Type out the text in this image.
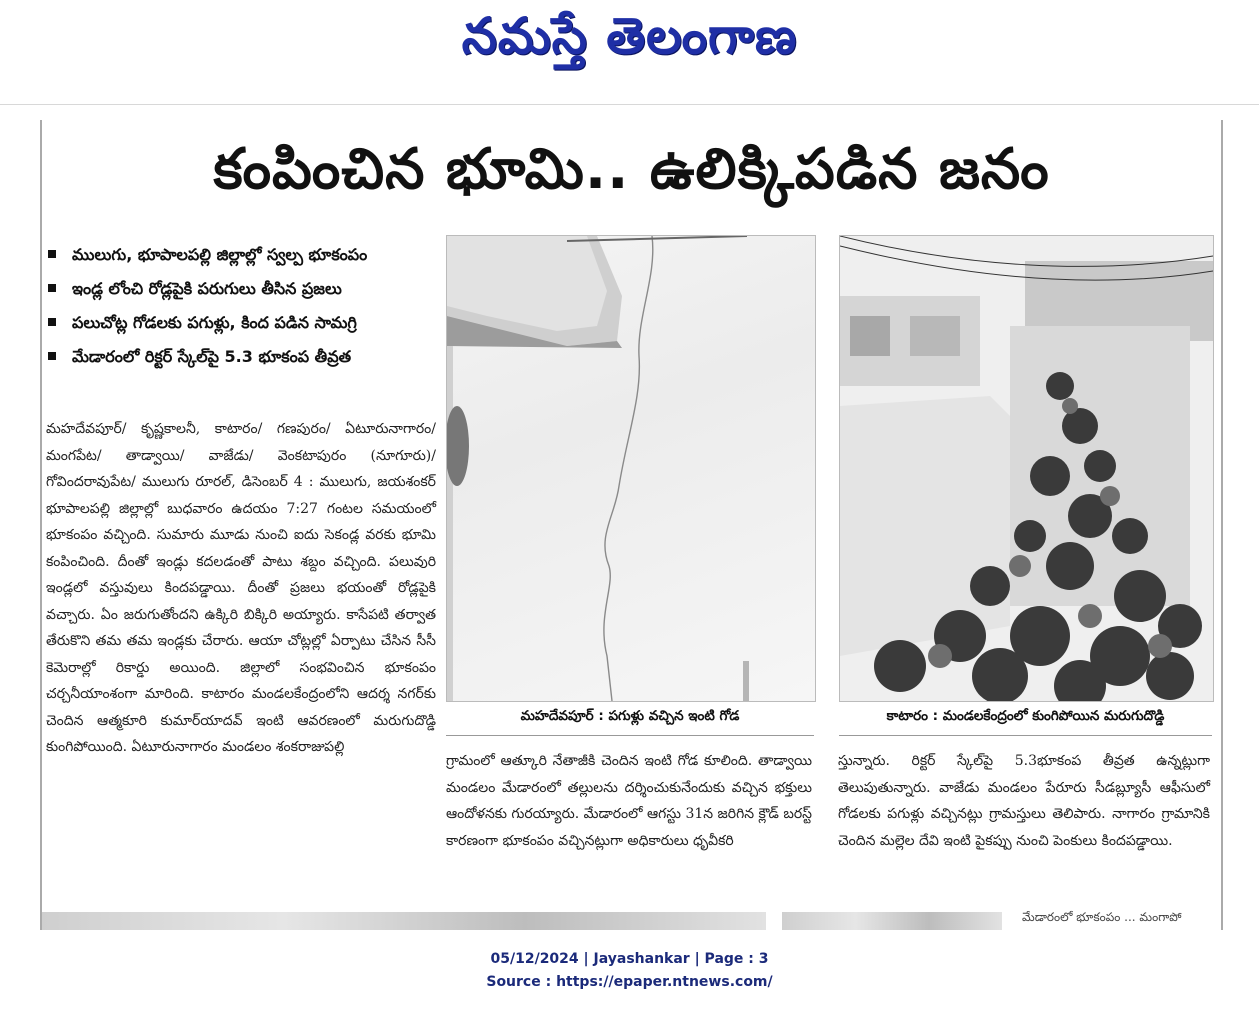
నమస్తే తెలంగాణ
కంపించిన భూమి.. ఉలిక్కిపడిన జనం
ములుగు, భూపాలపల్లి జిల్లాల్లో స్వల్ప భూకంపం
ఇండ్ల లోంచి రోడ్లపైకి పరుగులు తీసిన ప్రజలు
పలుచోట్ల గోడలకు పగుళ్లు, కింద పడిన సామగ్రి
మేడారంలో రిక్టర్ స్కేల్‌పై 5.3 భూకంప తీవ్రత
మహదేవపూర్/ కృష్ణకాలనీ, కాటారం/ గణపురం/ ఏటూరునాగారం/ మంగపేట/ తాడ్వాయి/ వాజేడు/ వెంకటాపురం (నూగూరు)/ గోవిందరావుపేట/ ములుగు రూరల్, డిసెంబర్ 4 : ములుగు, జయశంకర్ భూపాలపల్లి జిల్లాల్లో బుధవారం ఉదయం 7:27 గంటల సమయంలో భూకంపం వచ్చింది. సుమారు మూడు నుంచి ఐదు సెకండ్ల వరకు భూమి కంపించింది. దీంతో ఇండ్లు కదలడంతో పాటు శబ్దం వచ్చింది. పలువురి ఇండ్లలో వస్తువులు కిందపడ్డాయి. దీంతో ప్రజలు భయంతో రోడ్లపైకి వచ్చారు. ఏం జరుగుతోందని ఉక్కిరి బిక్కిరి అయ్యారు. కాసేపటి తర్వాత తేరుకొని తమ తమ ఇండ్లకు చేరారు. ఆయా చోట్లల్లో ఏర్పాటు చేసిన సీసీ కెమెరాల్లో రికార్డు అయింది. జిల్లాలో సంభవించిన భూకంపం చర్చనీయాంశంగా మారింది. కాటారం మండలకేంద్రంలోని ఆదర్శ నగర్‌కు చెందిన ఆత్మకూరి కుమార్‌యాదవ్ ఇంటి ఆవరణంలో మరుగుదొడ్డి కుంగిపోయింది. ఏటూరునాగారం మండలం శంకరాజుపల్లి
మహదేవపూర్ : పగుళ్లు వచ్చిన ఇంటి గోడ	కాటారం : మండలకేంద్రంలో కుంగిపోయిన మరుగుదొడ్డి
గ్రామంలో ఆత్కూరి నేతాజీకి చెందిన ఇంటి గోడ కూలింది. తాడ్వాయి మండలం మేడారంలో తల్లులను దర్శించుకునేందుకు వచ్చిన భక్తులు ఆందోళనకు గురయ్యారు. మేడారంలో ఆగస్టు 31న జరిగిన క్లౌడ్ బరస్ట్ కారణంగా భూకంపం వచ్చినట్లుగా అధికారులు ధృవీకరి
స్తున్నారు. రిక్టర్ స్కేల్‌పై 5.3భూకంప తీవ్రత ఉన్నట్లుగా తెలుపుతున్నారు. వాజేడు మండలం పేరూరు సీడబ్ల్యూసీ ఆఫీసులో గోడలకు పగుళ్లు వచ్చినట్లు గ్రామస్తులు తెలిపారు. నాగారం గ్రామానికి చెందిన మల్లెల దేవి ఇంటి పైకప్పు నుంచి పెంకులు కిందపడ్డాయి.
మేడారంలో భూకంపం ... మంగాపో
05/12/2024 | Jayashankar | Page : 3
Source : https://epaper.ntnews.com/
